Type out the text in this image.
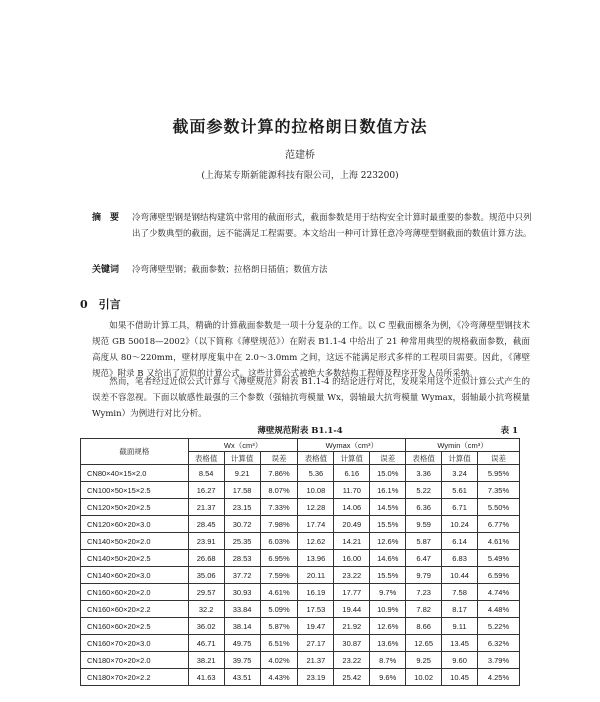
截面参数计算的拉格朗日数值方法
范建桥
(上海某专斯新能源科技有限公司，上海 223200)
摘　要	冷弯薄壁型钢是钢结构建筑中常用的截面形式，截面参数是用于结构安全计算时最重要的参数。规范中只列出了少数典型的截面，远不能满足工程需要。本文给出一种可计算任意冷弯薄壁型钢截面的数值计算方法。
关键词	冷弯薄壁型钢；截面参数；拉格朗日插值；数值方法
0　引言
　　如果不借助计算工具，精确的计算截面参数是一项十分复杂的工作。以 C 型截面檩条为例，《冷弯薄壁型钢技术规范 GB 50018—2002》（以下简称《薄壁规范》）在附表 B1.1-4 中给出了 21 种常用典型的规格截面参数，截面高度从 80～220mm，壁材厚度集中在 2.0～3.0mm 之间，这远不能满足形式多样的工程项目需要。因此，《薄壁规范》附录 B 又给出了近似的计算公式。这些计算公式被绝大多数结构工程师及程序开发人员所采纳。
　　然而，笔者经过近似公式计算与《薄壁规范》附表 B1.1-4 的结论进行对比，发现采用这个近似计算公式产生的误差不容忽视。下面以敏感性最强的三个参数（强轴抗弯模量 Wx，弱轴最大抗弯模量 Wymax，弱轴最小抗弯模量 Wymin）为例进行对比分析。
薄壁规范附表 B1.1-4	表 1
截面规格	Wx（cm³）			Wymax（cm³）			Wymin（cm³）		
	表格值	计算值	误差	表格值	计算值	误差	表格值	计算值	误差
CN80×40×15×2.0	8.54	9.21	7.86%	5.36	6.16	15.0%	3.36	3.24	5.95%
CN100×50×15×2.5	16.27	17.58	8.07%	10.08	11.70	16.1%	5.22	5.61	7.35%
CN120×50×20×2.5	21.37	23.15	7.33%	12.28	14.06	14.5%	6.36	6.71	5.50%
CN120×60×20×3.0	28.45	30.72	7.98%	17.74	20.49	15.5%	9.59	10.24	6.77%
CN140×50×20×2.0	23.91	25.35	6.03%	12.62	14.21	12.6%	5.87	6.14	4.61%
CN140×50×20×2.5	26.68	28.53	6.95%	13.96	16.00	14.6%	6.47	6.83	5.49%
CN140×60×20×3.0	35.06	37.72	7.59%	20.11	23.22	15.5%	9.79	10.44	6.59%
CN160×60×20×2.0	29.57	30.93	4.61%	16.19	17.77	9.7%	7.23	7.58	4.74%
CN160×60×20×2.2	32.2	33.84	5.09%	17.53	19.44	10.9%	7.82	8.17	4.48%
CN160×60×20×2.5	36.02	38.14	5.87%	19.47	21.92	12.6%	8.66	9.11	5.22%
CN160×70×20×3.0	46.71	49.75	6.51%	27.17	30.87	13.6%	12.65	13.45	6.32%
CN180×70×20×2.0	38.21	39.75	4.02%	21.37	23.22	8.7%	9.25	9.60	3.79%
CN180×70×20×2.2	41.63	43.51	4.43%	23.19	25.42	9.6%	10.02	10.45	4.25%
